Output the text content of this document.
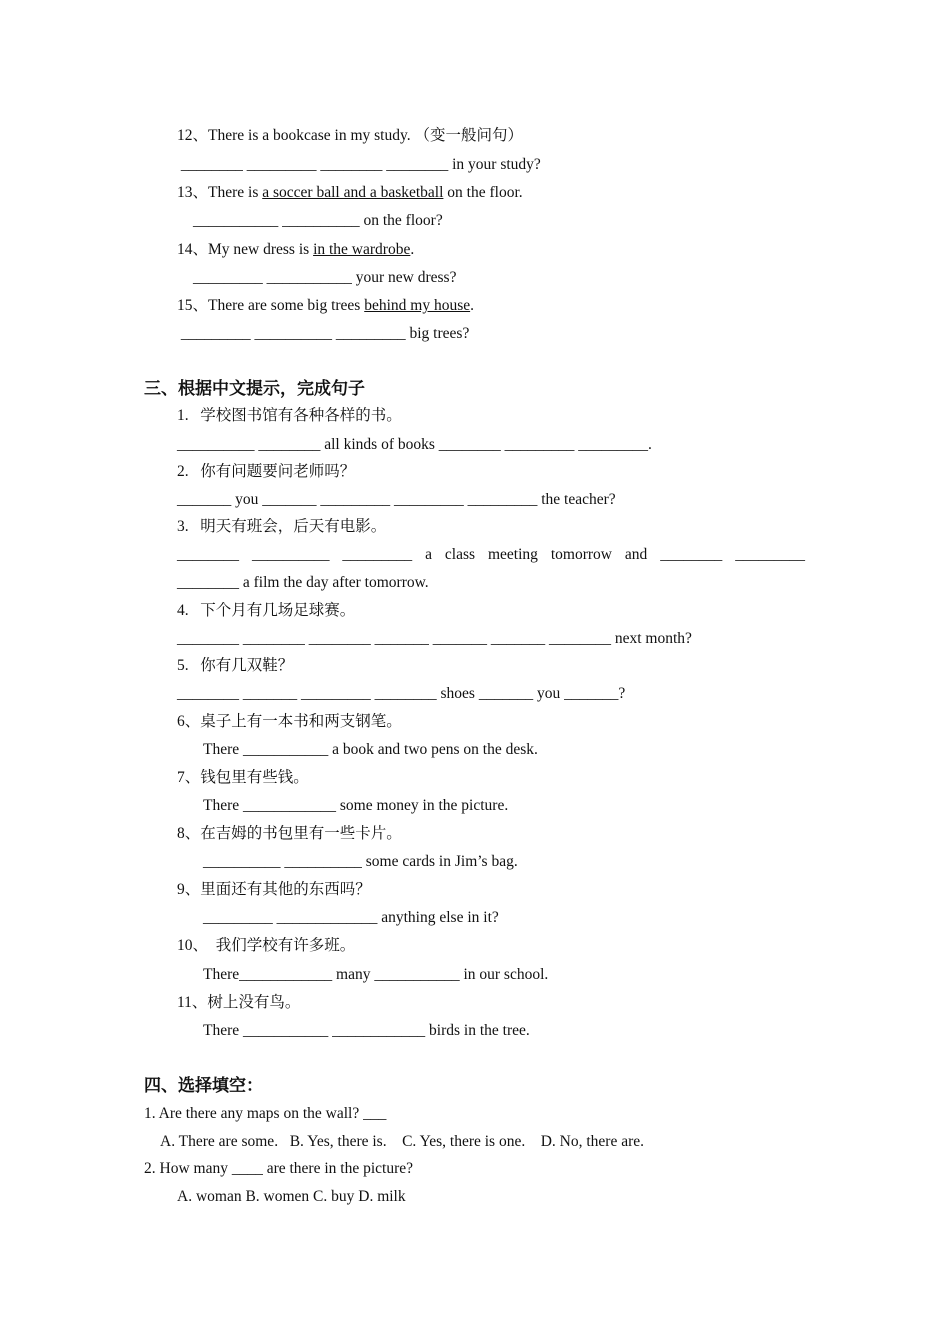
12、There is a bookcase in my study. （变一般问句）
________ _________ ________ ________ in your study?
13、There is a soccer ball and a basketball on the floor.
___________ __________ on the floor?
14、My new dress is in the wardrobe.
_________ ___________ your new dress?
15、There are some big trees behind my house.
_________ __________ _________ big trees?
三、根据中文提示，完成句子
1.   学校图书馆有各种各样的书。
__________ ________ all kinds of books ________ _________ _________.
2.   你有问题要问老师吗？
_______ you _______ _________ _________ _________ the teacher?
3.   明天有班会，后天有电影。
________ __________ _________ a class meeting tomorrow and ________ _________
________ a film the day after tomorrow.
4.   下个月有几场足球赛。
________ ________ ________ _______ _______ _______ ________ next month?
5.   你有几双鞋？
________ _______ _________ ________ shoes _______ you _______?
6、桌子上有一本书和两支钢笔。
There ___________ a book and two pens on the desk.
7、钱包里有些钱。
There ____________ some money in the picture.
8、在吉姆的书包里有一些卡片。
__________ __________ some cards in Jim’s bag.
9、里面还有其他的东西吗？
_________ _____________ anything else in it?
10、  我们学校有许多班。
There____________ many ___________ in our school.
11、树上没有鸟。
There ___________ ____________ birds in the tree.
四、选择填空：
1. Are there any maps on the wall? ___
A. There are some.   B. Yes, there is.    C. Yes, there is one.    D. No, there are.
2. How many ____ are there in the picture?
A. woman B. women C. buy D. milk
